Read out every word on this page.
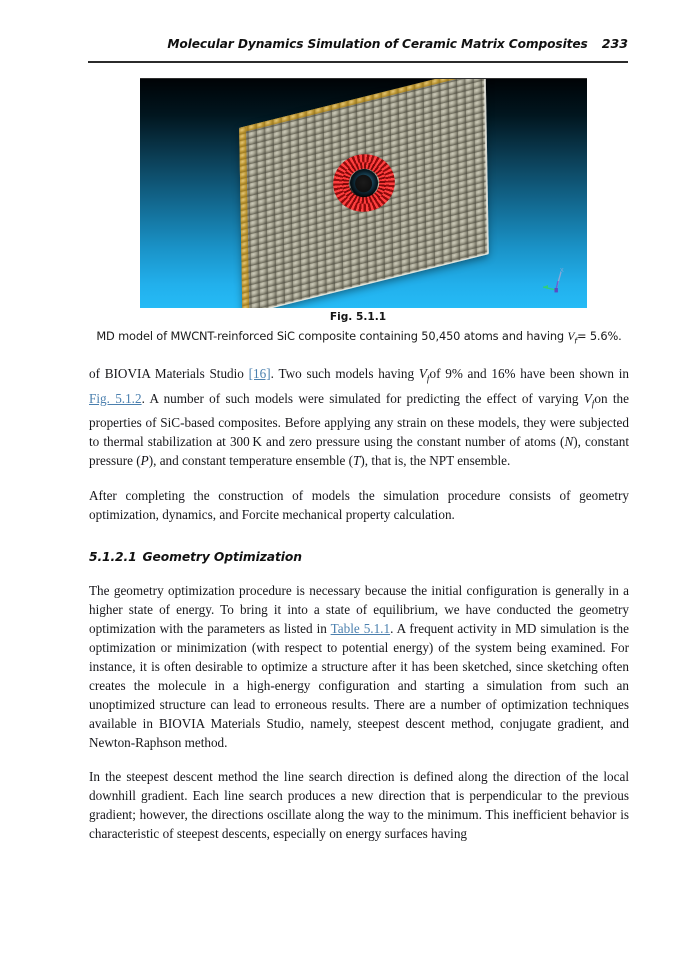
Molecular Dynamics Simulation of Ceramic Matrix Composites 233
X
Fig. 5.1.1
MD model of MWCNT-reinforced SiC composite containing 50,450 atoms and having $V_f= 5.6\%$.

of BIOVIA Materials Studio [16]. Two such models having $V_fof$ 9% and 16% have been shown in Fig. 5.1.2. A number of such models were simulated for predicting the effect of varying $V_fon$ the properties of SiC-based composites. Before applying any strain on these models, they were subjected to thermal stabilization at 300 K and zero pressure using the constant number of atoms (N), constant pressure (P), and constant temperature ensemble (T), that is, the NPT ensemble.

After completing the construction of models the simulation procedure consists of geometry optimization, dynamics, and Forcite mechanical property calculation.

5.1.2.1 Geometry Optimization

The geometry optimization procedure is necessary because the initial configuration is generally in a higher state of energy. To bring it into a state of equilibrium, we have conducted the geometry optimization with the parameters as listed in Table 5.1.1. A frequent activity in MD simulation is the optimization or minimization (with respect to potential energy) of the system being examined. For instance, it is often desirable to optimize a structure after it has been sketched, since sketching often creates the molecule in a high-energy configuration and starting a simulation from such an unoptimized structure can lead to erroneous results. There are a number of optimization techniques available in BIOVIA Materials Studio, namely, steepest descent method, conjugate gradient, and Newton-Raphson method.

In the steepest descent method the line search direction is defined along the direction of the local downhill gradient. Each line search produces a new direction that is perpendicular to the previous gradient; however, the directions oscillate along the way to the minimum. This inefficient behavior is characteristic of steepest descents, especially on energy surfaces having
